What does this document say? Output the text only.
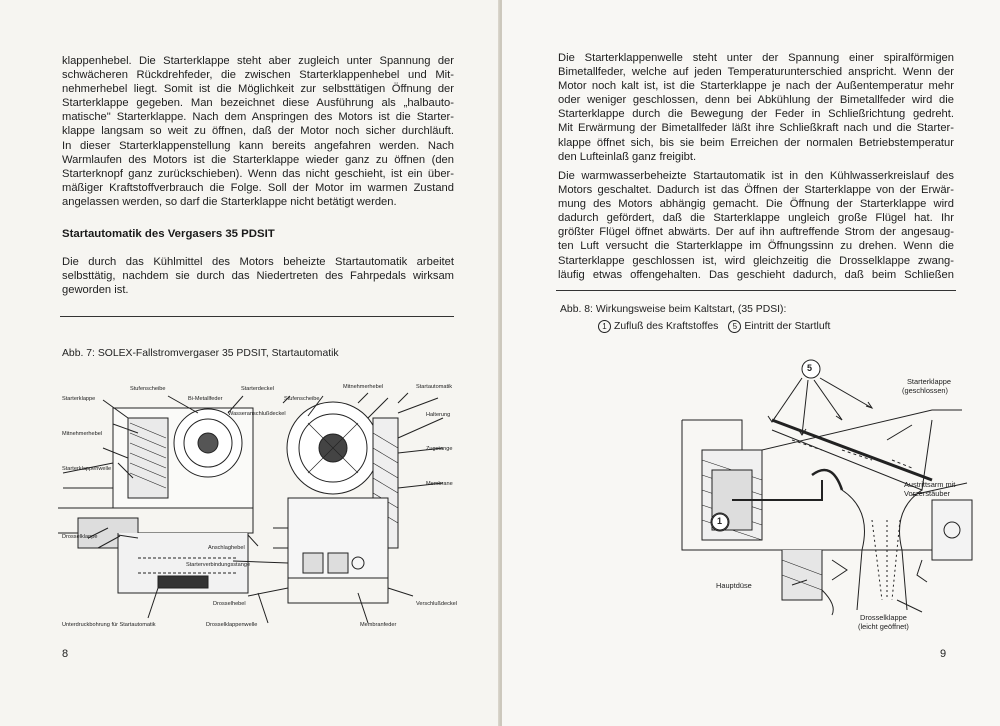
klappenhebel. Die Starterklappe steht aber zugleich unter Spannung der
schwächeren Rückdrehfeder, die zwischen Starterklappenhebel und Mit-
nehmerhebel liegt. Somit ist die Möglichkeit zur selbsttätigen Öffnung der
Starterklappe gegeben. Man bezeichnet diese Ausführung als „halbauto-
matische" Starterklappe. Nach dem Anspringen des Motors ist die Starter-
klappe langsam so weit zu öffnen, daß der Motor noch sicher durchläuft.
In dieser Starterklappenstellung kann bereits angefahren werden. Nach
Warmlaufen des Motors ist die Starterklappe wieder ganz zu öffnen (den
Starterknopf ganz zurückschieben). Wenn das nicht geschieht, ist ein über-
mäßiger Kraftstoffverbrauch die Folge. Soll der Motor im warmen Zustand
angelassen werden, so darf die Starterklappe nicht betätigt werden.
Startautomatik des Vergasers 35 PDSIT
Die durch das Kühlmittel des Motors beheizte Startautomatik arbeitet
selbsttätig, nachdem sie durch das Niedertreten des Fahrpedals wirksam
geworden ist.
Abb. 7: SOLEX-Fallstromvergaser 35 PDSIT, Startautomatik
Stufenscheibe	Starterdeckel	Mitnehmerhebel	Startautomatik
Starterklappe	Bi-Metallfeder	Stufenscheibe
Wasseranschlußdeckel	Halterung
Mitnehmerhebel
Zugstange
Starterklappenwelle
Membrane
Drosselklappe
Anschlaghebel
Starterverbindungsstange
Drosselhebel	Verschlußdeckel
Unterdruckbohrung für Startautomatik	Drosselklappenwelle	Membranfeder
8
Die Starterklappenwelle steht unter der Spannung einer spiralförmigen
Bimetallfeder, welche auf jeden Temperaturunterschied anspricht. Wenn der
Motor noch kalt ist, ist die Starterklappe je nach der Außentemperatur mehr
oder weniger geschlossen, denn bei Abkühlung der Bimetallfeder wird die
Starterklappe durch die Bewegung der Feder in Schließrichtung gedreht.
Mit Erwärmung der Bimetallfeder läßt ihre Schließkraft nach und die Starter-
klappe öffnet sich, bis sie beim Erreichen der normalen Betriebstemperatur
den Lufteinlaß ganz freigibt.
Die warmwasserbeheizte Startautomatik ist in den Kühlwasserkreislauf des
Motors geschaltet. Dadurch ist das Öffnen der Starterklappe von der Erwär-
mung des Motors abhängig gemacht. Die Öffnung der Starterklappe wird
dadurch gefördert, daß die Starterklappe ungleich große Flügel hat. Ihr
größter Flügel öffnet abwärts. Der auf ihn auftreffende Strom der angesaug-
ten Luft versucht die Starterklappe im Öffnungssinn zu drehen. Wenn die
Starterklappe geschlossen ist, wird gleichzeitig die Drosselklappe zwang-
läufig etwas offengehalten. Das geschieht dadurch, daß beim Schließen
Abb. 8: Wirkungsweise beim Kaltstart, (35 PDSI):
1 Zufluß des Kraftstoffes 5 Eintritt der Startluft
5
1
Starterklappe
(geschlossen)
Austrittsarm mit
Vorzerstäuber
Hauptdüse
Drosselklappe
(leicht geöffnet)
9
